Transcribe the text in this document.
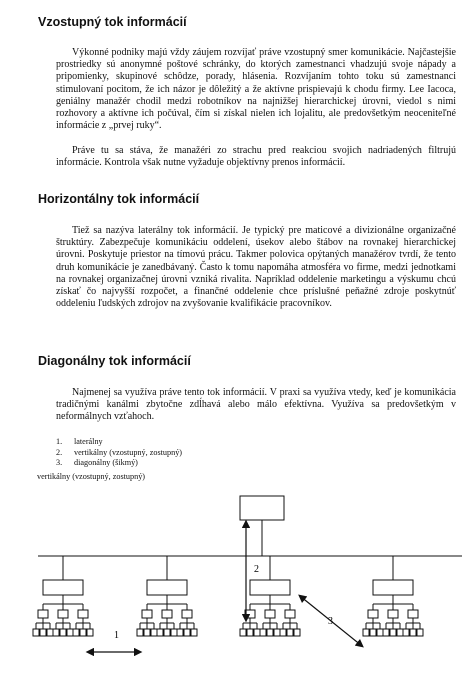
Vzostupný tok informácií

Výkonné podniky majú vždy záujem rozvíjať práve vzostupný smer komunikácie. Najčastejšie prostriedky sú anonymné poštové schránky, do ktorých zamestnanci vhadzujú svoje nápady a pripomienky, skupinové schôdze, porady, hlásenia. Rozvíjaním tohto toku sú zamestnanci stimulovaní pocitom, že ich názor je dôležitý a že aktívne prispievajú k chodu firmy. Lee Iacoca, geniálny manažér chodil medzi robotníkov na najnižšej hierarchickej úrovni, viedol s nimi rozhovory a aktívne ich počúval, čím si získal nielen ich lojalitu, ale predovšetkým neoceniteľné informácie z „prvej ruky“.

Práve tu sa stáva, že manažéri zo strachu pred reakciou svojich nadriadených filtrujú informácie. Kontrola však nutne vyžaduje objektívny prenos informácií.

Horizontálny tok informácií

Tiež sa nazýva laterálny tok informácií. Je typický pre maticové a divizionálne organizačné štruktúry. Zabezpečuje komunikáciu oddelení, úsekov alebo štábov na rovnakej hierarchickej úrovni. Poskytuje priestor na tímovú prácu. Takmer polovica opýtaných manažérov tvrdí, že tento druh komunikácie je zanedbávaný. Často k tomu napomáha atmosféra vo firme, medzi jednotkami na rovnakej organizačnej úrovni vzniká rivalita. Napríklad oddelenie marketingu a výskumu chcú získať čo najvyšší rozpočet, a finančné oddelenie chce príslušné peňažné zdroje poskytnúť oddeleniu ľudských zdrojov na zvyšovanie kvalifikácie pracovníkov.

Diagonálny tok informácií

Najmenej sa využíva práve tento tok informácií. V praxi sa využíva vtedy, keď je komunikácia tradičnými kanálmi zbytočne zdĺhavá alebo málo efektívna. Využíva sa predovšetkým v neformálnych vzťahoch.

1. laterálny
2. vertikálny (vzostupný, zostupný)
3. diagonálny (šikmý)

vertikálny (vzostupný, zostupný)

1
2
3
